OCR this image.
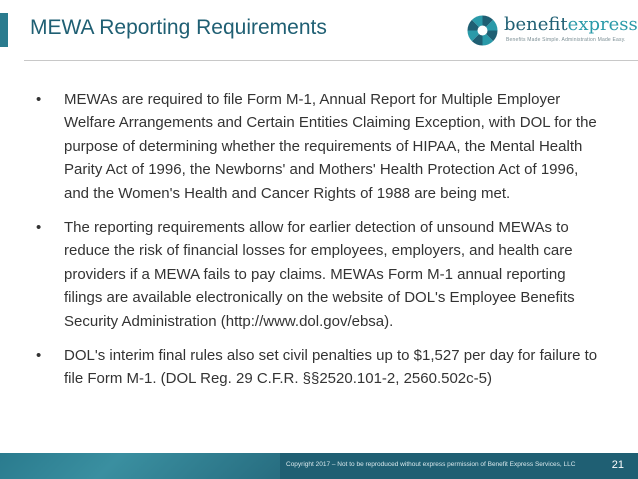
MEWA Reporting Requirements	benefitexpress
Benefits Made Simple. Administration Made Easy.
•	MEWAs are required to file Form M-1, Annual Report for Multiple Employer Welfare Arrangements and Certain Entities Claiming Exception, with DOL for the purpose of determining whether the requirements of HIPAA, the Mental Health Parity Act of 1996, the Newborns' and Mothers' Health Protection Act of 1996, and the Women's Health and Cancer Rights of 1988 are being met.
•	The reporting requirements allow for earlier detection of unsound MEWAs to reduce the risk of financial losses for employees, employers, and health care providers if a MEWA fails to pay claims. MEWAs Form M-1 annual reporting filings are available electronically on the website of DOL's Employee Benefits Security Administration (http://www.dol.gov/ebsa).
•	DOL's interim final rules also set civil penalties up to $1,527 per day for failure to file Form M-1. (DOL Reg. 29 C.F.R. §§2520.101-2, 2560.502c-5)
Copyright 2017 – Not to be reproduced without express permission of Benefit Express Services, LLC	21
